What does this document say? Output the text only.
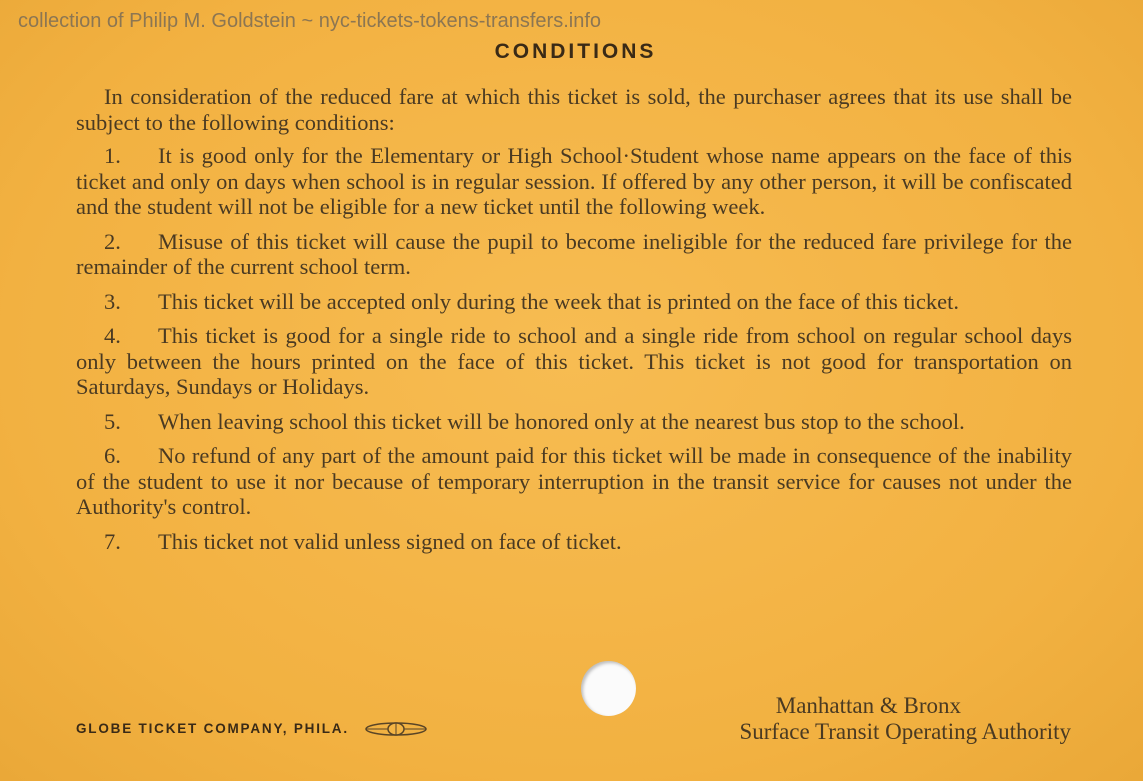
collection of Philip M. Goldstein ~ nyc-tickets-tokens-transfers.info
CONDITIONS

In consideration of the reduced fare at which this ticket is sold, the purchaser agrees that its use shall be subject to the following conditions:

1. It is good only for the Elementary or High School·Student whose name appears on the face of this ticket and only on days when school is in regular session. If offered by any other person, it will be confiscated and the student will not be eligible for a new ticket until the following week.

2. Misuse of this ticket will cause the pupil to become ineligible for the reduced fare privilege for the remainder of the current school term.

3. This ticket will be accepted only during the week that is printed on the face of this ticket.

4. This ticket is good for a single ride to school and a single ride from school on regular school days only between the hours printed on the face of this ticket. This ticket is not good for transportation on Saturdays, Sundays or Holidays.

5. When leaving school this ticket will be honored only at the nearest bus stop to the school.

6. No refund of any part of the amount paid for this ticket will be made in consequence of the inability of the student to use it nor because of temporary interruption in the transit service for causes not under the Authority's control.

7. This ticket not valid unless signed on face of ticket.

GLOBE TICKET COMPANY, PHILA.
Manhattan & Bronx
Surface Transit Operating Authority
